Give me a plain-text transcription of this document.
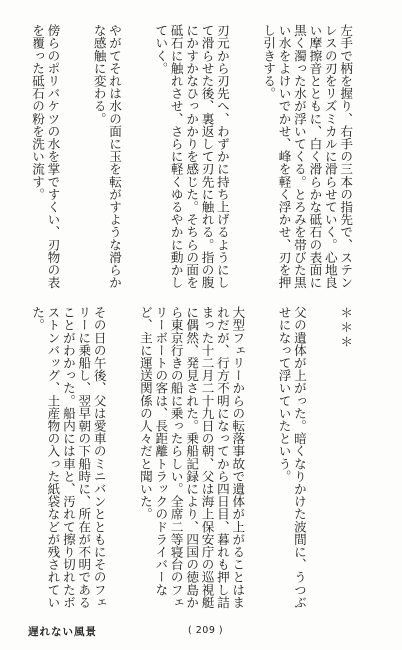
左手で柄を握り、右手の三本の指先で、ステンレスの刃をリズミカルに滑らせていく。心地良い摩擦音とともに、白く滑らかな砥石の表面に黒く濁った水が浮いてくる。とろみを帯びた黒い水をよけいでかせ、峰を軽く浮かせ、刃を押し引きする。

刃元から刃先へ、わずかに持ち上げるようにして滑らせた後、裏返して刃先に触れる。指の腹にかすかなひっかかりを感じた。そちらの面を砥石に触れさせ、さらに軽くゆるやかに動かしていく。

やがてそれは水の面に玉を転がすような滑らかな感触に変わる。

傍らのポリバケツの水を掌ですくい、刃物の表を覆った砥石の粉を洗い流す。

＊＊＊

父の遺体が上がった。暗くなりかけた波間に、うつぶせになって浮いていたという。

大型フェリーからの転落事故で遺体が上がることはまれだが、行方不明になってから四日目、暮れも押し詰まった十二月二十九日の朝、父は海上保安庁の巡視艇に偶然、発見された。乗船記録により、四国の徳島から東京行きの船に乗ったらしい。全席二等寝台のフェリーボートの客は、長距離トラックのドライバーなど、主に運送関係の人々だと聞いた。

その日の午後、父は愛車のミニバンとともにそのフェリーに乗船し、翌早朝の下船時に、所在が不明であることがわかった。船内には車と、汚れて擦り切れたボストンバッグ、土産物の入った紙袋などが残されていた。

遅れない風景	( 209 )
